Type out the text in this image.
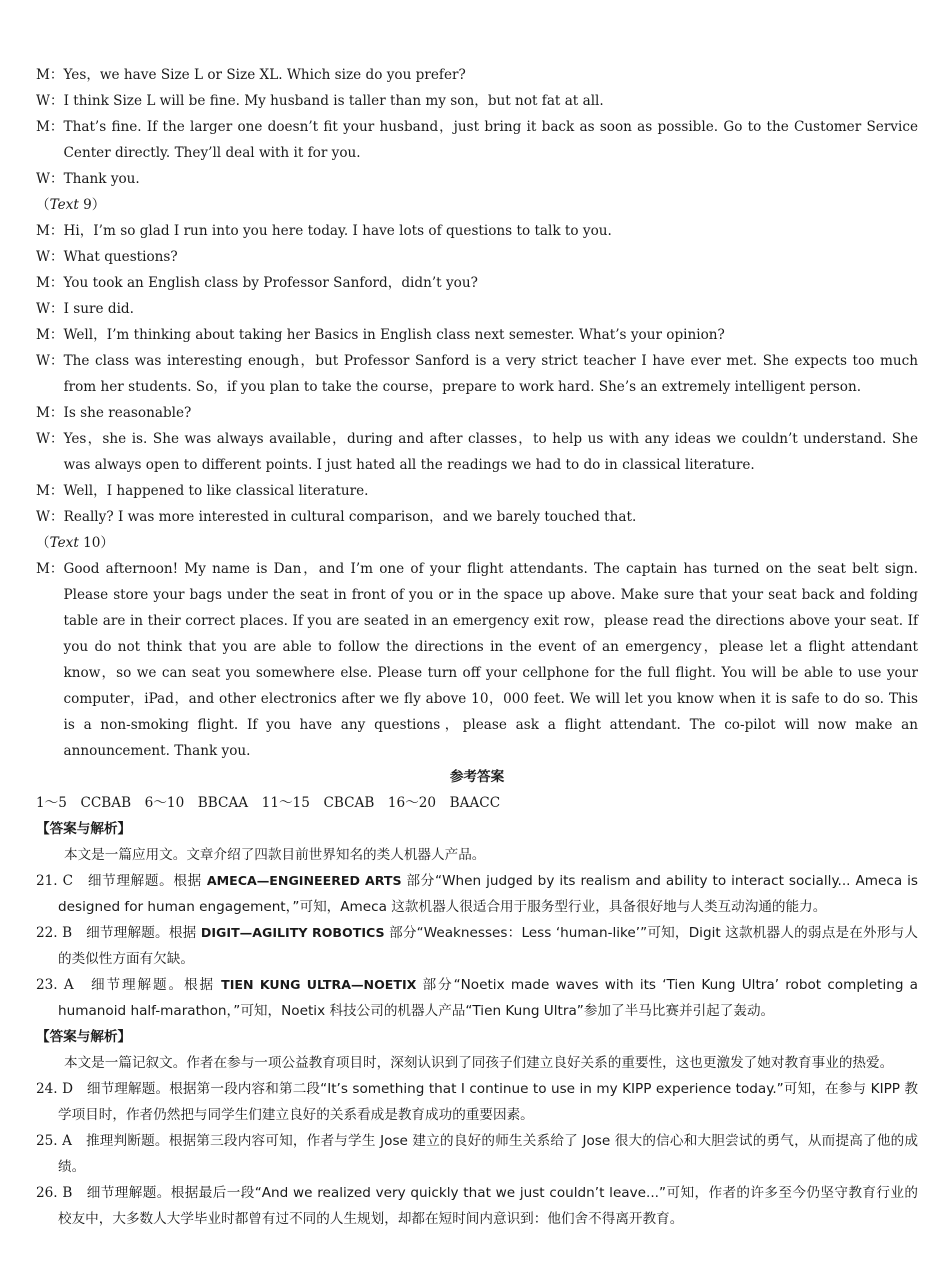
M： Yes，we have Size L or Size XL. Which size do you prefer?
W： I think Size L will be fine. My husband is taller than my son，but not fat at all.
M： That’s fine. If the larger one doesn’t fit your husband，just bring it back as soon as possible. Go to the Customer Service Center directly. They’ll deal with it for you.
W： Thank you.
（Text 9）
M： Hi，I’m so glad I run into you here today. I have lots of questions to talk to you.
W： What questions?
M： You took an English class by Professor Sanford，didn’t you?
W： I sure did.
M： Well，I’m thinking about taking her Basics in English class next semester. What’s your opinion?
W： The class was interesting enough，but Professor Sanford is a very strict teacher I have ever met. She expects too much from her students. So，if you plan to take the course，prepare to work hard. She’s an extremely intelligent person.
M： Is she reasonable?
W： Yes，she is. She was always available，during and after classes，to help us with any ideas we couldn’t understand. She was always open to different points. I just hated all the readings we had to do in classical literature.
M： Well，I happened to like classical literature.
W： Really? I was more interested in cultural comparison，and we barely touched that.
（Text 10）
M： Good afternoon! My name is Dan，and I’m one of your flight attendants. The captain has turned on the seat belt sign. Please store your bags under the seat in front of you or in the space up above. Make sure that your seat back and folding table are in their correct places. If you are seated in an emergency exit row，please read the directions above your seat. If you do not think that you are able to follow the directions in the event of an emergency，please let a flight attendant know，so we can seat you somewhere else. Please turn off your cellphone for the full flight. You will be able to use your computer，iPad，and other electronics after we fly above 10，000 feet. We will let you know when it is safe to do so. This is a non-smoking flight. If you have any questions，please ask a flight attendant. The co-pilot will now make an announcement. Thank you.
参考答案
1～5　CCBAB　6～10　BBCAA　11～15　CBCAB　16～20　BAACC
【答案与解析】
本文是一篇应用文。文章介绍了四款目前世界知名的类人机器人产品。
21. C　 细节理解题。根据 AMECA—ENGINEERED ARTS 部分“When judged by its realism and ability to interact socially... Ameca is designed for human engagement，”可知，Ameca 这款机器人很适合用于服务型行业，具备很好地与人类互动沟通的能力。
22. B　 细节理解题。根据 DIGIT—AGILITY ROBOTICS 部分“Weaknesses：Less ‘human-like’”可知，Digit 这款机器人的弱点是在外形与人的类似性方面有欠缺。
23. A　 细节理解题。根据 TIEN KUNG ULTRA—NOETIX 部分“Noetix made waves with its ‘Tien Kung Ultra’ robot completing a humanoid half-marathon，”可知，Noetix 科技公司的机器人产品“Tien Kung Ultra”参加了半马比赛并引起了轰动。
【答案与解析】
本文是一篇记叙文。作者在参与一项公益教育项目时，深刻认识到了同孩子们建立良好关系的重要性，这也更激发了她对教育事业的热爱。
24. D　 细节理解题。根据第一段内容和第二段“It’s something that I continue to use in my KIPP experience today.”可知，在参与 KIPP 教学项目时，作者仍然把与同学生们建立良好的关系看成是教育成功的重要因素。
25. A　 推理判断题。根据第三段内容可知，作者与学生 Jose 建立的良好的师生关系给了 Jose 很大的信心和大胆尝试的勇气，从而提高了他的成绩。
26. B　 细节理解题。根据最后一段“And we realized very quickly that we just couldn’t leave...”可知，作者的许多至今仍坚守教育行业的　　校友中，大多数人大学毕业时都曾有过不同的人生规划，却都在短时间内意识到：他们舍不得离开教育。
